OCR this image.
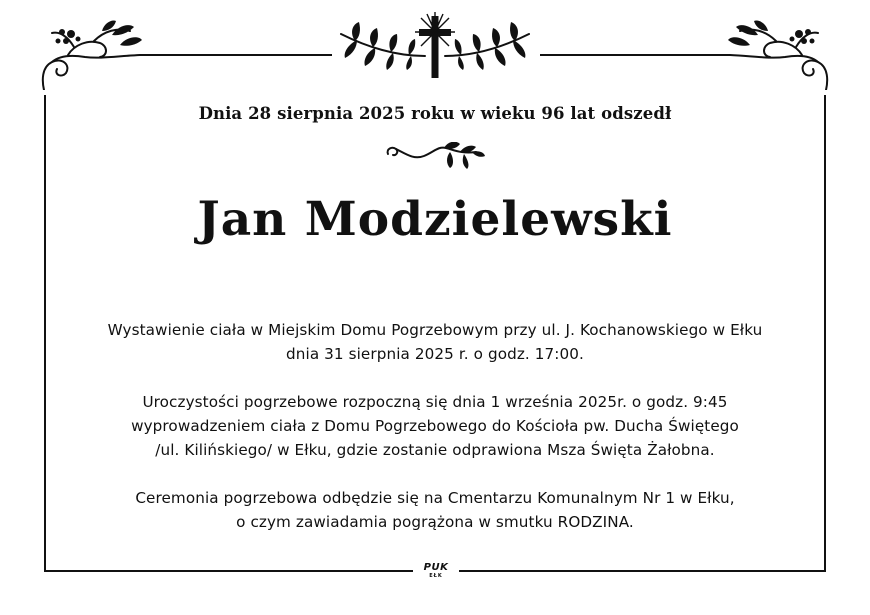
Dnia 28 sierpnia 2025 roku w wieku 96 lat odszedł
Jan Modzielewski
Wystawienie ciała w Miejskim Domu Pogrzebowym przy ul. J. Kochanowskiego w Ełku
dnia 31 sierpnia 2025 r. o godz. 17:00.
Uroczystości pogrzebowe rozpoczną się dnia 1 września 2025r. o godz. 9:45
wyprowadzeniem ciała z Domu Pogrzebowego do Kościoła pw. Ducha Świętego
/ul. Kilińskiego/ w Ełku, gdzie zostanie odprawiona Msza Święta Żałobna.
Ceremonia pogrzebowa odbędzie się na Cmentarzu Komunalnym Nr 1 w Ełku,
o czym zawiadamia pogrążona w smutku RODZINA.
PUK
EŁK
